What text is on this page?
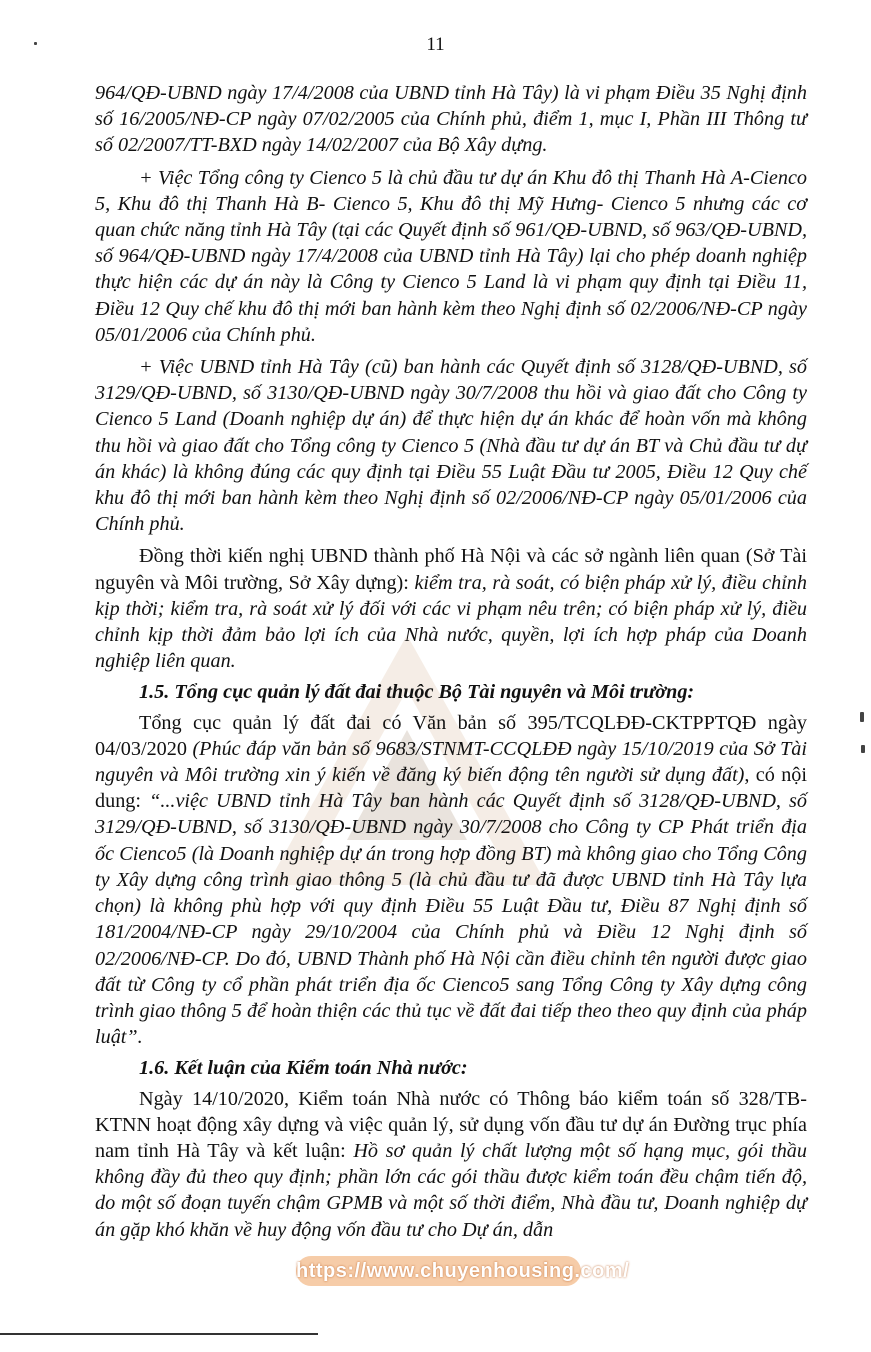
11

964/QĐ-UBND ngày 17/4/2008 của UBND tỉnh Hà Tây) là vi phạm Điều 35 Nghị định số 16/2005/NĐ-CP ngày 07/02/2005 của Chính phủ, điểm 1, mục I, Phần III Thông tư số 02/2007/TT-BXD ngày 14/02/2007 của Bộ Xây dựng.

+ Việc Tổng công ty Cienco 5 là chủ đầu tư dự án Khu đô thị Thanh Hà A-Cienco 5, Khu đô thị Thanh Hà B- Cienco 5, Khu đô thị Mỹ Hưng- Cienco 5 nhưng các cơ quan chức năng tỉnh Hà Tây (tại các Quyết định số 961/QĐ-UBND, số 963/QĐ-UBND, số 964/QĐ-UBND ngày 17/4/2008 của UBND tỉnh Hà Tây) lại cho phép doanh nghiệp thực hiện các dự án này là Công ty Cienco 5 Land là vi phạm quy định tại Điều 11, Điều 12 Quy chế khu đô thị mới ban hành kèm theo Nghị định số 02/2006/NĐ-CP ngày 05/01/2006 của Chính phủ.

+ Việc UBND tỉnh Hà Tây (cũ) ban hành các Quyết định số 3128/QĐ-UBND, số 3129/QĐ-UBND, số 3130/QĐ-UBND ngày 30/7/2008 thu hồi và giao đất cho Công ty Cienco 5 Land (Doanh nghiệp dự án) để thực hiện dự án khác để hoàn vốn mà không thu hồi và giao đất cho Tổng công ty Cienco 5 (Nhà đầu tư dự án BT và Chủ đầu tư dự án khác) là không đúng các quy định tại Điều 55 Luật Đầu tư 2005, Điều 12 Quy chế khu đô thị mới ban hành kèm theo Nghị định số 02/2006/NĐ-CP ngày 05/01/2006 của Chính phủ.

Đồng thời kiến nghị UBND thành phố Hà Nội và các sở ngành liên quan (Sở Tài nguyên và Môi trường, Sở Xây dựng): kiểm tra, rà soát, có biện pháp xử lý, điều chỉnh kịp thời; kiểm tra, rà soát xử lý đối với các vi phạm nêu trên; có biện pháp xử lý, điều chỉnh kịp thời đảm bảo lợi ích của Nhà nước, quyền, lợi ích hợp pháp của Doanh nghiệp liên quan.

1.5. Tổng cục quản lý đất đai thuộc Bộ Tài nguyên và Môi trường:

Tổng cục quản lý đất đai có Văn bản số 395/TCQLĐĐ-CKTPPTQĐ ngày 04/03/2020 (Phúc đáp văn bản số 9683/STNMT-CCQLĐĐ ngày 15/10/2019 của Sở Tài nguyên và Môi trường xin ý kiến về đăng ký biến động tên người sử dụng đất), có nội dung: “...việc UBND tỉnh Hà Tây ban hành các Quyết định số 3128/QĐ-UBND, số 3129/QĐ-UBND, số 3130/QĐ-UBND ngày 30/7/2008 cho Công ty CP Phát triển địa ốc Cienco5 (là Doanh nghiệp dự án trong hợp đồng BT) mà không giao cho Tổng Công ty Xây dựng công trình giao thông 5 (là chủ đầu tư đã được UBND tỉnh Hà Tây lựa chọn) là không phù hợp với quy định Điều 55 Luật Đầu tư, Điều 87 Nghị định số 181/2004/NĐ-CP ngày 29/10/2004 của Chính phủ và Điều 12 Nghị định số 02/2006/NĐ-CP. Do đó, UBND Thành phố Hà Nội cần điều chỉnh tên người được giao đất từ Công ty cổ phần phát triển địa ốc Cienco5 sang Tổng Công ty Xây dựng công trình giao thông 5 để hoàn thiện các thủ tục về đất đai tiếp theo theo quy định của pháp luật”.

1.6. Kết luận của Kiểm toán Nhà nước:

Ngày 14/10/2020, Kiểm toán Nhà nước có Thông báo kiểm toán số 328/TB-KTNN hoạt động xây dựng và việc quản lý, sử dụng vốn đầu tư dự án Đường trục phía nam tỉnh Hà Tây và kết luận: Hồ sơ quản lý chất lượng một số hạng mục, gói thầu không đầy đủ theo quy định; phần lớn các gói thầu được kiểm toán đều chậm tiến độ, do một số đoạn tuyến chậm GPMB và một số thời điểm, Nhà đầu tư, Doanh nghiệp dự án gặp khó khăn về huy động vốn đầu tư cho Dự án, dẫn

https://www.chuyenhousing.com/
